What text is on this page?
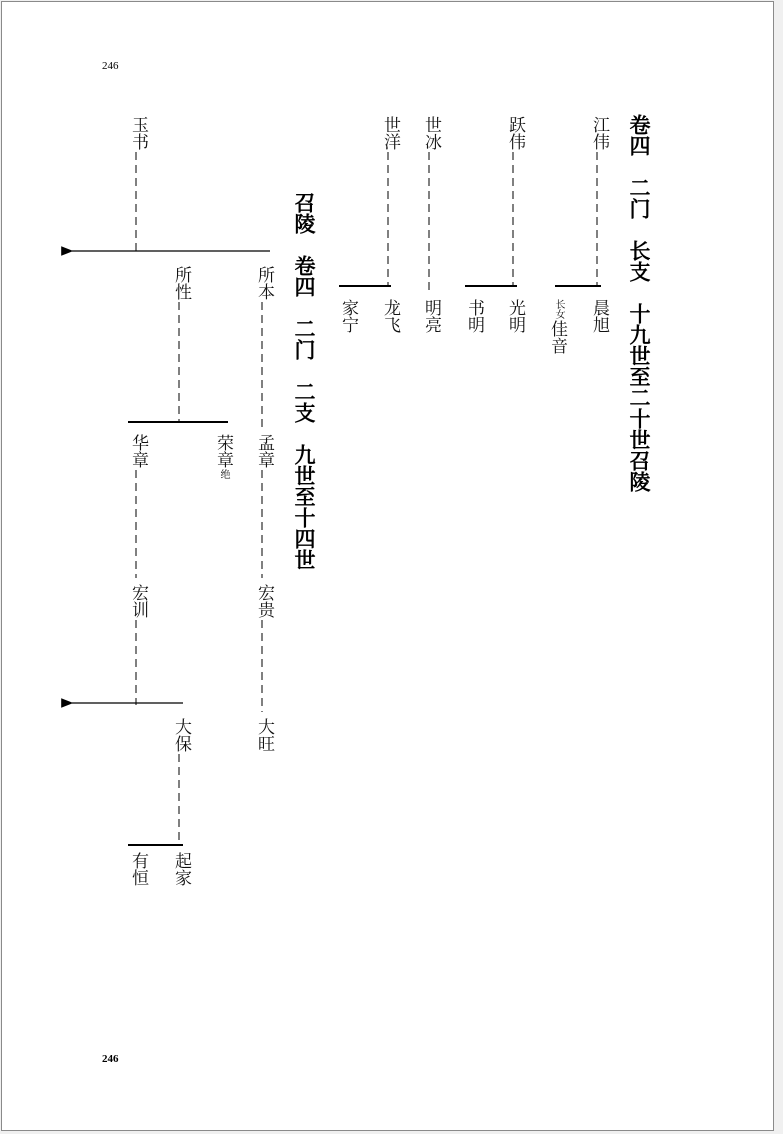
246
246
卷四　二门　长支　十九世至二十世召陵
江伟
跃伟
世冰
世洋
晨旭
长女
佳音
光明
书明
明亮
龙飞
家宁
召陵　卷四　二门　二支　九世至十四世
玉书
所本
所性
孟章
荣章
绝
华章
宏贵
宏训
大旺
大保
起家
有恒
